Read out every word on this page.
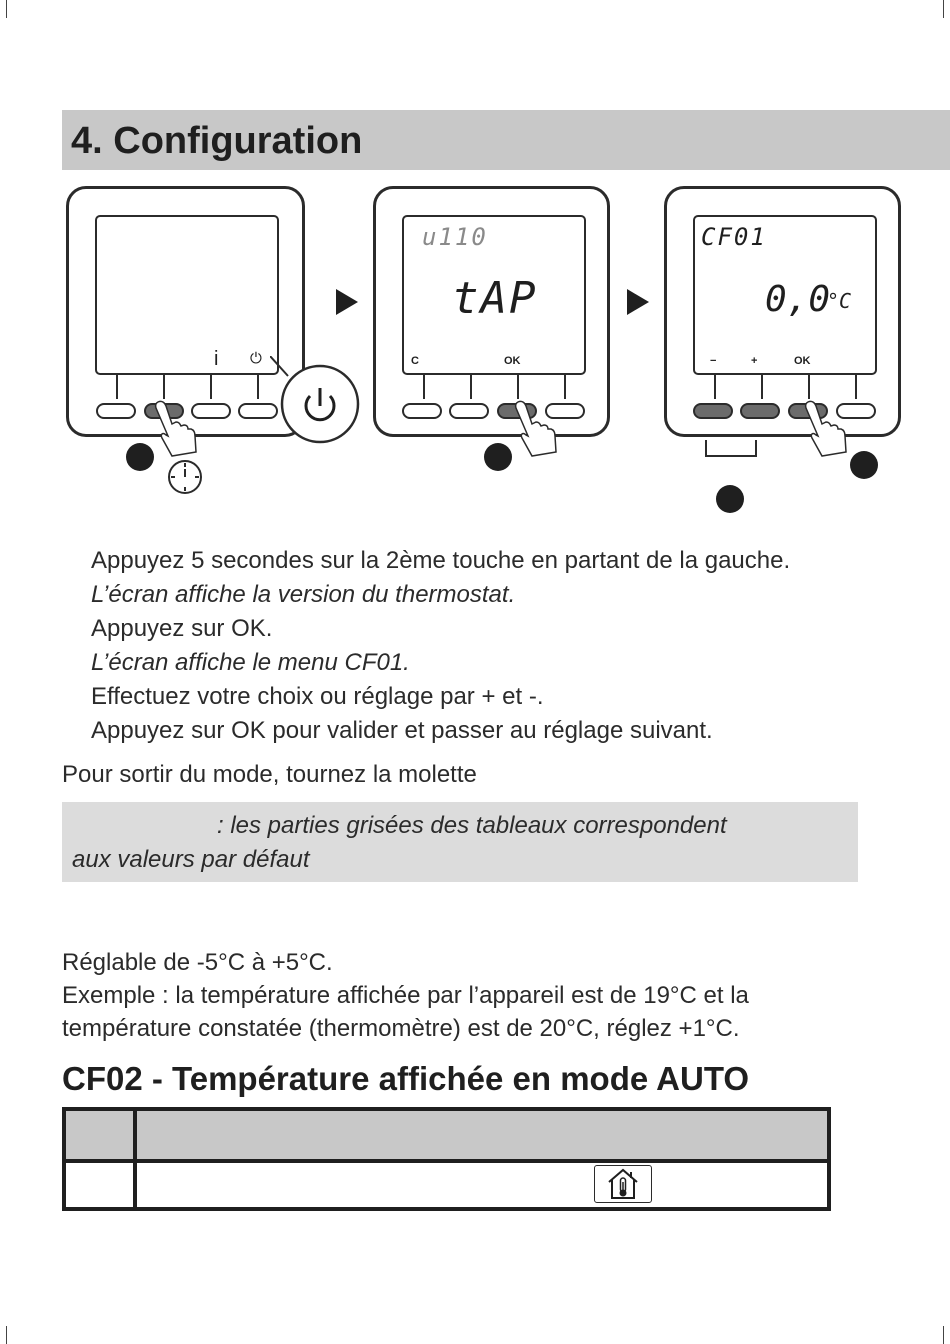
4. Configuration
i ⏻
u110
tAP
C	OK
CF01
0,0
°C
−	+	OK

Appuyez 5 secondes sur la 2ème touche en partant de la gauche.

L’écran affiche la version du thermostat.

Appuyez sur OK.

L’écran affiche le menu CF01.

Effectuez votre choix ou réglage par + et -.

Appuyez sur OK pour valider et passer au réglage suivant.

Pour sortir du mode, tournez la molette

: les parties grisées des tableaux correspondent

aux valeurs par défaut

Réglable de -5°C à +5°C.

Exemple : la température affichée par l’appareil est de 19°C et la

température constatée (thermomètre) est de 20°C, réglez +1°C.

CF02 - Température affichée en mode AUTO
